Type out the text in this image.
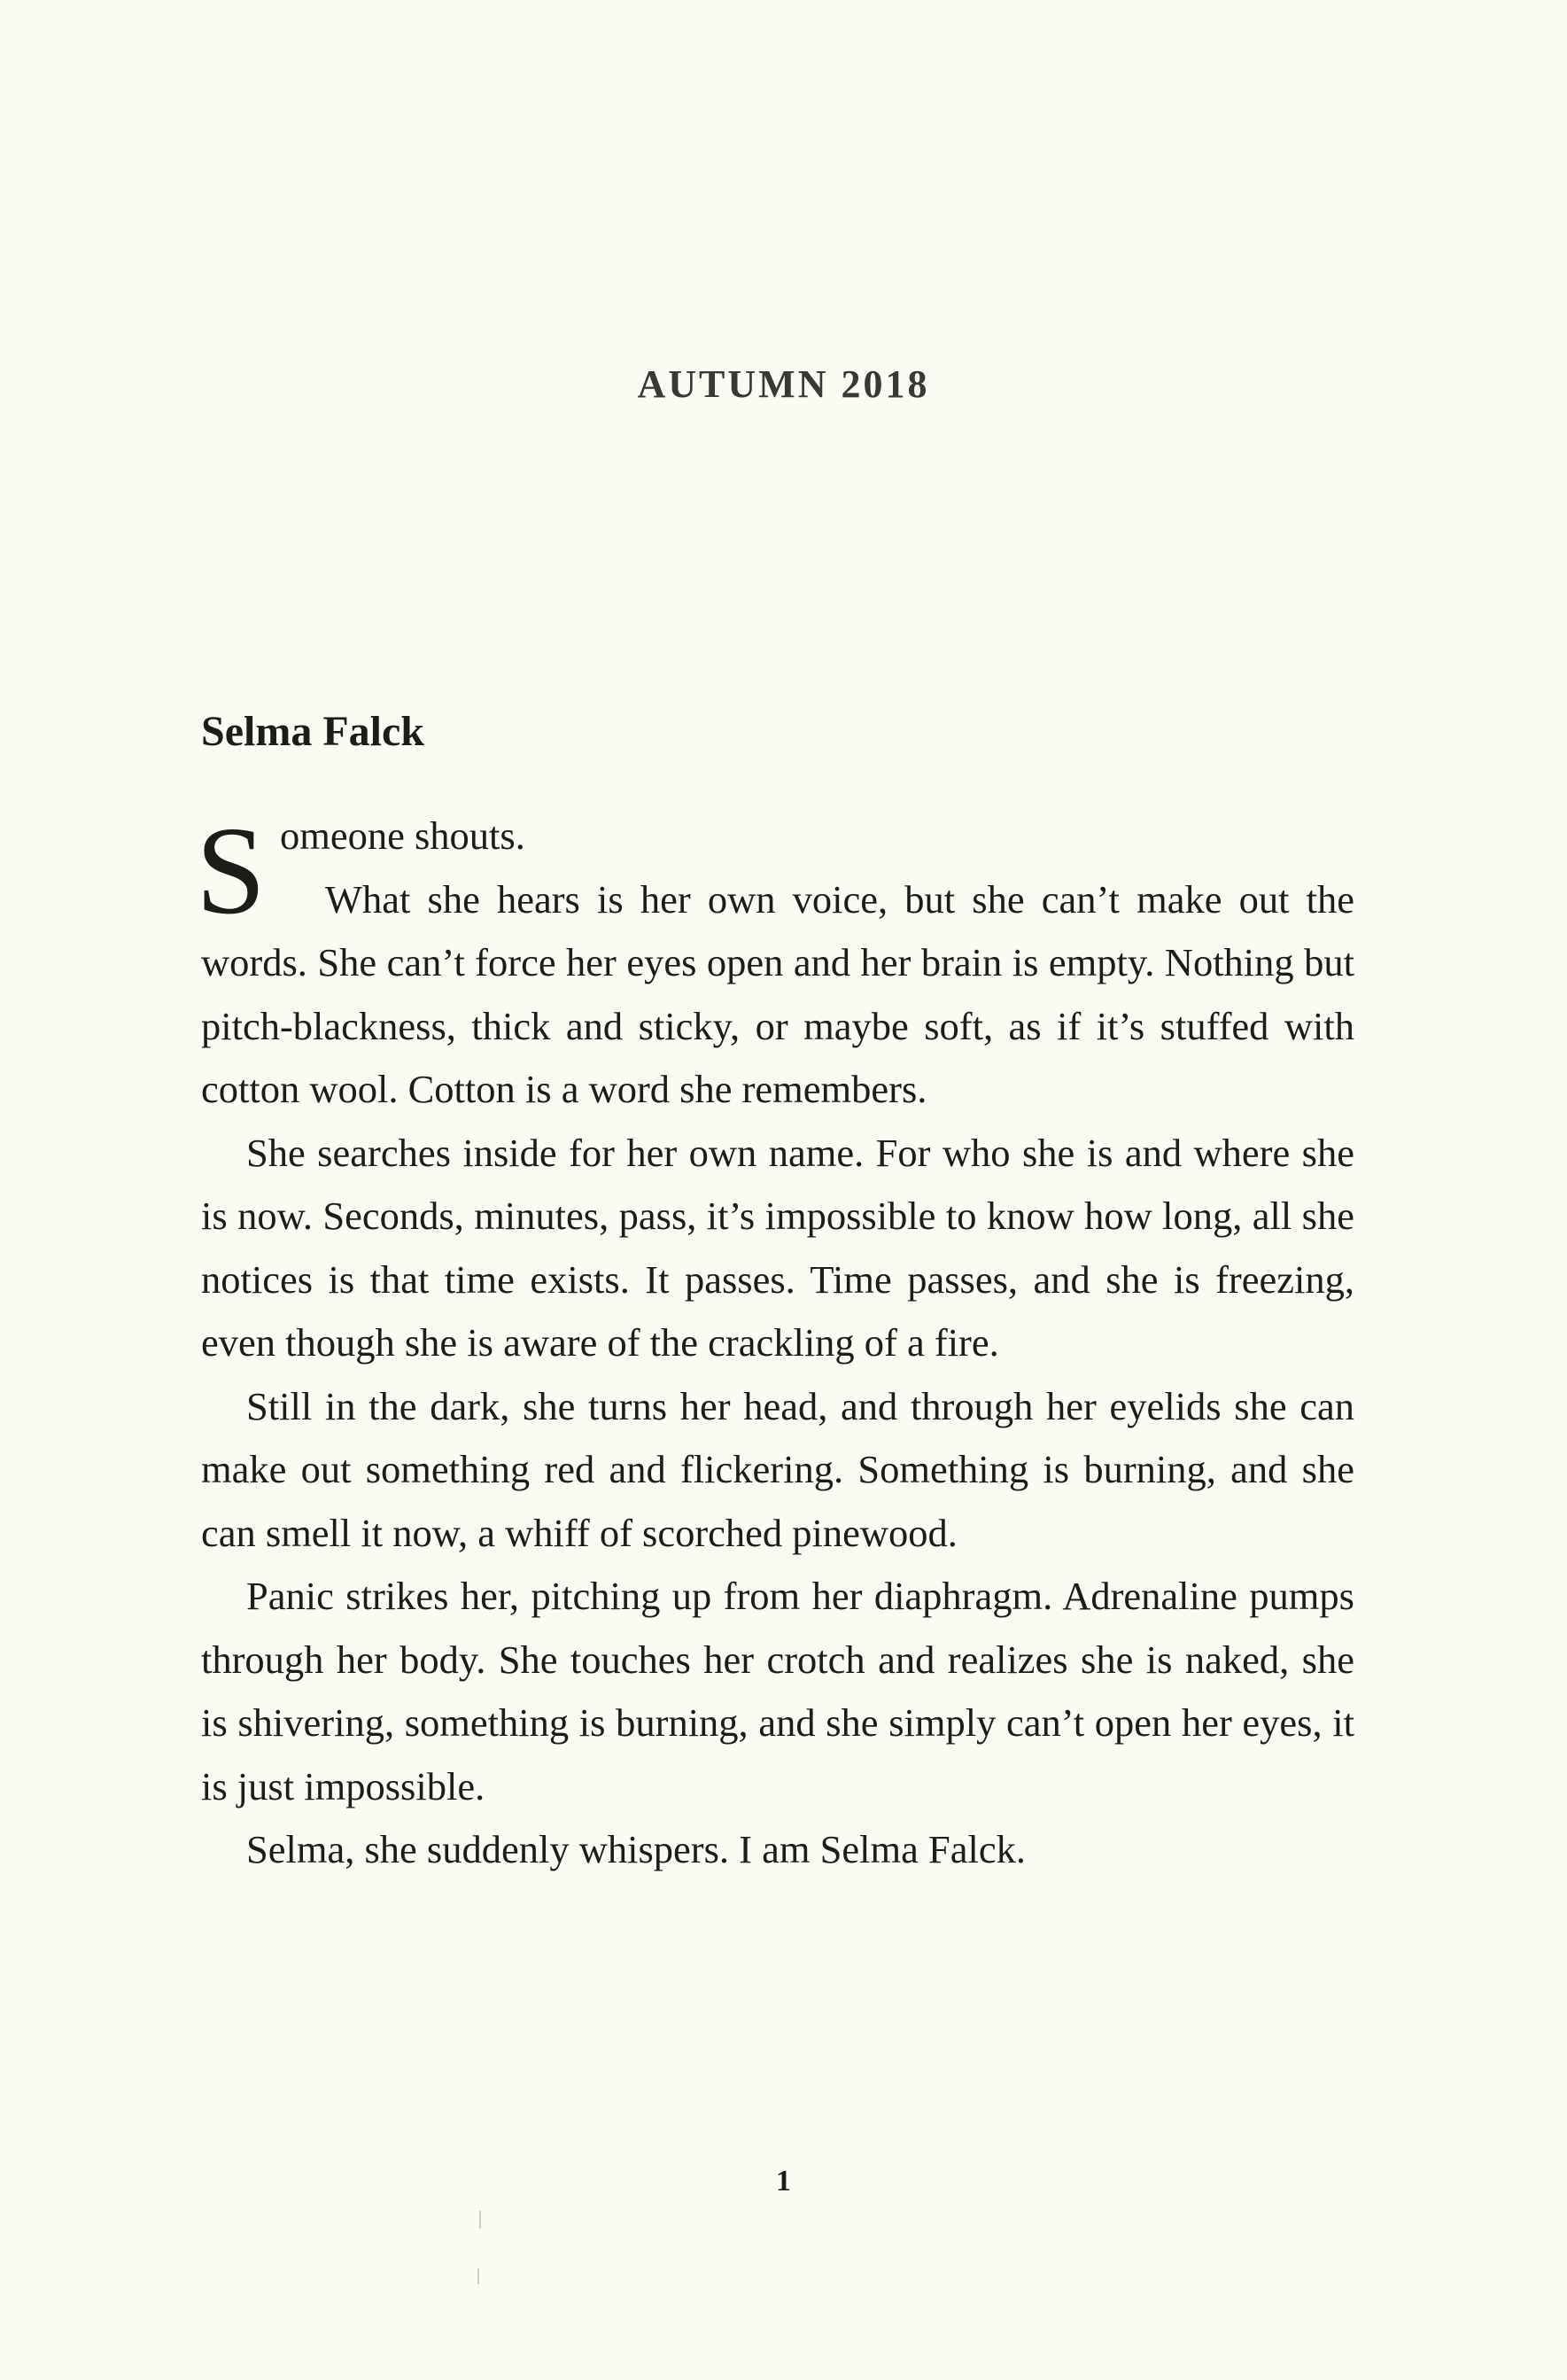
AUTUMN 2018
Selma Falck

Someone shouts.

What she hears is her own voice, but she can’t make out the words. She can’t force her eyes open and her brain is empty. Nothing but pitch-blackness, thick and sticky, or maybe soft, as if it’s stuffed with cotton wool. Cotton is a word she remembers.

She searches inside for her own name. For who she is and where she is now. Seconds, minutes, pass, it’s impossible to know how long, all she notices is that time exists. It passes. Time passes, and she is freezing, even though she is aware of the crackling of a fire.

Still in the dark, she turns her head, and through her eyelids she can make out something red and flickering. Something is burning, and she can smell it now, a whiff of scorched pinewood.

Panic strikes her, pitching up from her diaphragm. Adrenaline pumps through her body. She touches her crotch and realizes she is naked, she is shivering, something is burning, and she simply can’t open her eyes, it is just impossible.

Selma, she suddenly whispers. I am Selma Falck.

1
